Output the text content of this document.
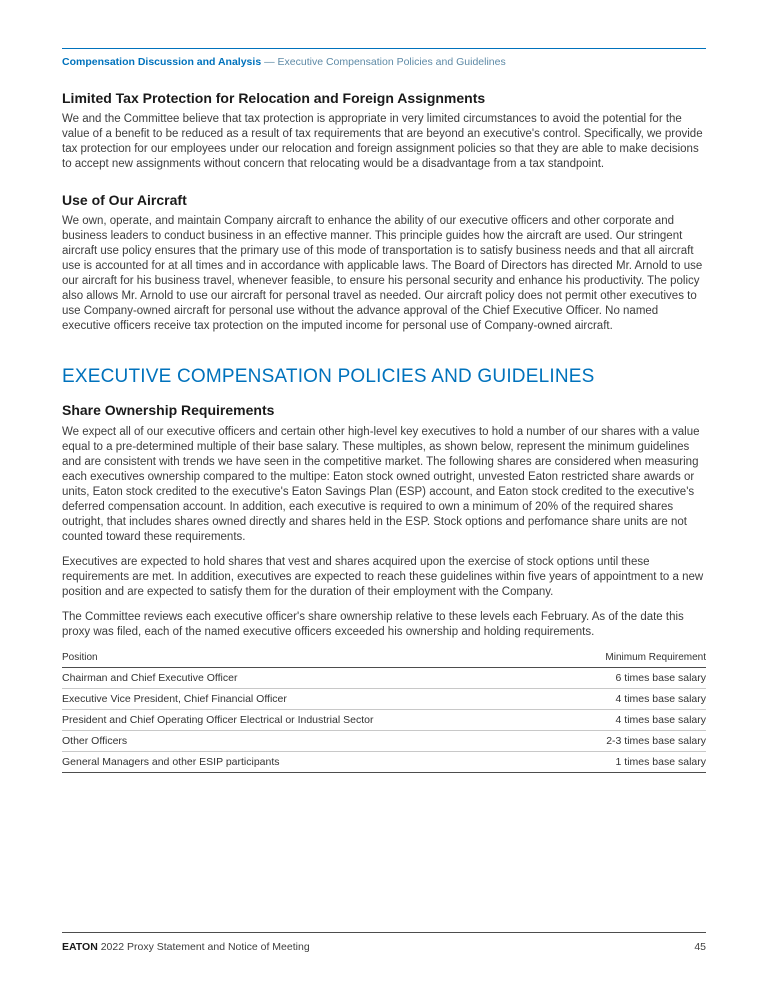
Compensation Discussion and Analysis — Executive Compensation Policies and Guidelines
Limited Tax Protection for Relocation and Foreign Assignments

We and the Committee believe that tax protection is appropriate in very limited circumstances to avoid the potential for the value of a benefit to be reduced as a result of tax requirements that are beyond an executive's control. Specifically, we provide tax protection for our employees under our relocation and foreign assignment policies so that they are able to make decisions to accept new assignments without concern that relocating would be a disadvantage from a tax standpoint.

Use of Our Aircraft

We own, operate, and maintain Company aircraft to enhance the ability of our executive officers and other corporate and business leaders to conduct business in an effective manner. This principle guides how the aircraft are used. Our stringent aircraft use policy ensures that the primary use of this mode of transportation is to satisfy business needs and that all aircraft use is accounted for at all times and in accordance with applicable laws. The Board of Directors has directed Mr. Arnold to use our aircraft for his business travel, whenever feasible, to ensure his personal security and enhance his productivity. The policy also allows Mr. Arnold to use our aircraft for personal travel as needed. Our aircraft policy does not permit other executives to use Company-owned aircraft for personal use without the advance approval of the Chief Executive Officer. No named executive officers receive tax protection on the imputed income for personal use of Company-owned aircraft.

EXECUTIVE COMPENSATION POLICIES AND GUIDELINES
Share Ownership Requirements

We expect all of our executive officers and certain other high-level key executives to hold a number of our shares with a value equal to a pre-determined multiple of their base salary. These multiples, as shown below, represent the minimum guidelines and are consistent with trends we have seen in the competitive market. The following shares are considered when measuring each executives ownership compared to the multipe: Eaton stock owned outright, unvested Eaton restricted share awards or units, Eaton stock credited to the executive's Eaton Savings Plan (ESP) account, and Eaton stock credited to the executive's deferred compensation account. In addition, each executive is required to own a minimum of 20% of the required shares outright, that includes shares owned directly and shares held in the ESP. Stock options and perfomance share units are not counted toward these requirements.

Executives are expected to hold shares that vest and shares acquired upon the exercise of stock options until these requirements are met. In addition, executives are expected to reach these guidelines within five years of appointment to a new position and are expected to satisfy them for the duration of their employment with the Company.

The Committee reviews each executive officer's share ownership relative to these levels each February. As of the date this proxy was filed, each of the named executive officers exceeded his ownership and holding requirements.

Position	Minimum Requirement
Chairman and Chief Executive Officer	6 times base salary
Executive Vice President, Chief Financial Officer	4 times base salary
President and Chief Operating Officer Electrical or Industrial Sector	4 times base salary
Other Officers	2-3 times base salary
General Managers and other ESIP participants	1 times base salary
EATON 2022 Proxy Statement and Notice of Meeting	45
